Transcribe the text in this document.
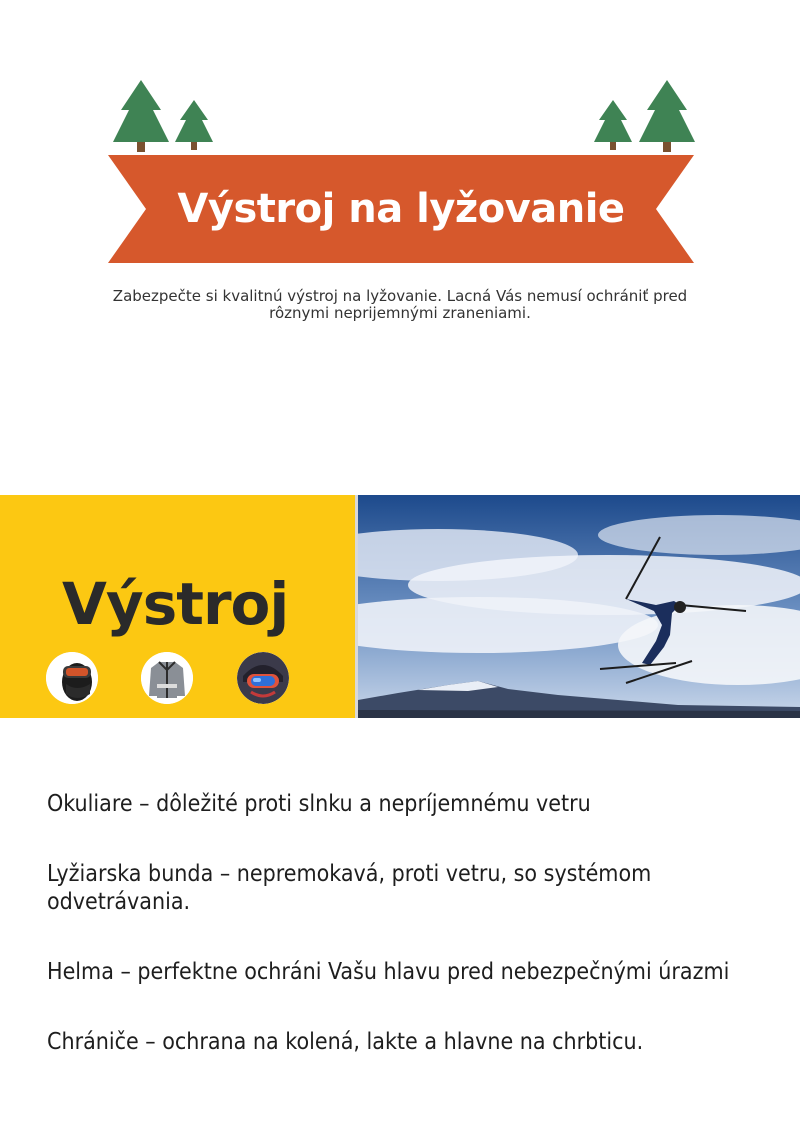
Výstroj na lyžovanie
Zabezpečte si kvalitnú výstroj na lyžovanie. Lacná Vás nemusí ochrániť pred
rôznymi neprijemnými zraneniami.
Výstroj

Okuliare – dôležité proti slnku a nepríjemnému vetru

Lyžiarska bunda – nepremokavá, proti vetru, so systémom odvetrávania.

Helma – perfektne ochráni Vašu hlavu pred nebezpečnými úrazmi

Chrániče – ochrana na kolená, lakte a hlavne na chrbticu.
